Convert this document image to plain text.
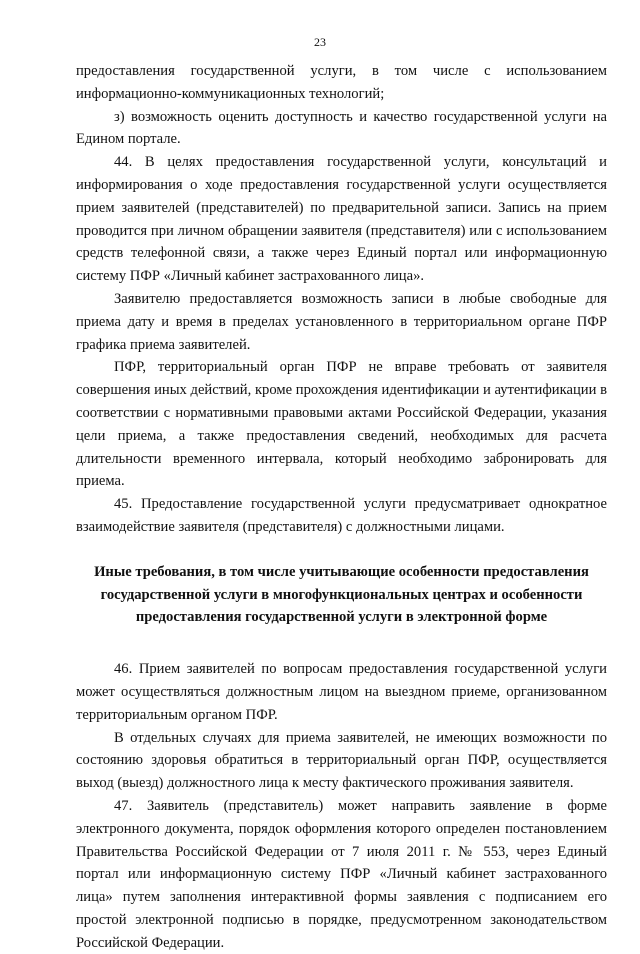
23

предоставления государственной услуги, в том числе с использованием информационно-коммуникационных технологий;

з) возможность оценить доступность и качество государственной услуги на Едином портале.

44. В целях предоставления государственной услуги, консультаций и информирования о ходе предоставления государственной услуги осуществляется прием заявителей (представителей) по предварительной записи. Запись на прием проводится при личном обращении заявителя (представителя) или с использованием средств телефонной связи, а также через Единый портал или информационную систему ПФР «Личный кабинет застрахованного лица».

Заявителю предоставляется возможность записи в любые свободные для приема дату и время в пределах установленного в территориальном органе ПФР графика приема заявителей.

ПФР, территориальный орган ПФР не вправе требовать от заявителя совершения иных действий, кроме прохождения идентификации и аутентификации в соответствии с нормативными правовыми актами Российской Федерации, указания цели приема, а также предоставления сведений, необходимых для расчета длительности временного интервала, который необходимо забронировать для приема.

45. Предоставление государственной услуги предусматривает однократное взаимодействие заявителя (представителя) с должностными лицами.

Иные требования, в том числе учитывающие особенности предоставления государственной услуги в многофункциональных центрах и особенности предоставления государственной услуги в электронной форме

46. Прием заявителей по вопросам предоставления государственной услуги может осуществляться должностным лицом на выездном приеме, организованном территориальным органом ПФР.

В отдельных случаях для приема заявителей, не имеющих возможности по состоянию здоровья обратиться в территориальный орган ПФР, осуществляется выход (выезд) должностного лица к месту фактического проживания заявителя.

47. Заявитель (представитель) может направить заявление в форме электронного документа, порядок оформления которого определен постановлением Правительства Российской Федерации от 7 июля 2011 г. № 553, через Единый портал или информационную систему ПФР «Личный кабинет застрахованного лица» путем заполнения интерактивной формы заявления с подписанием его простой электронной подписью в порядке, предусмотренном законодательством Российской Федерации.
